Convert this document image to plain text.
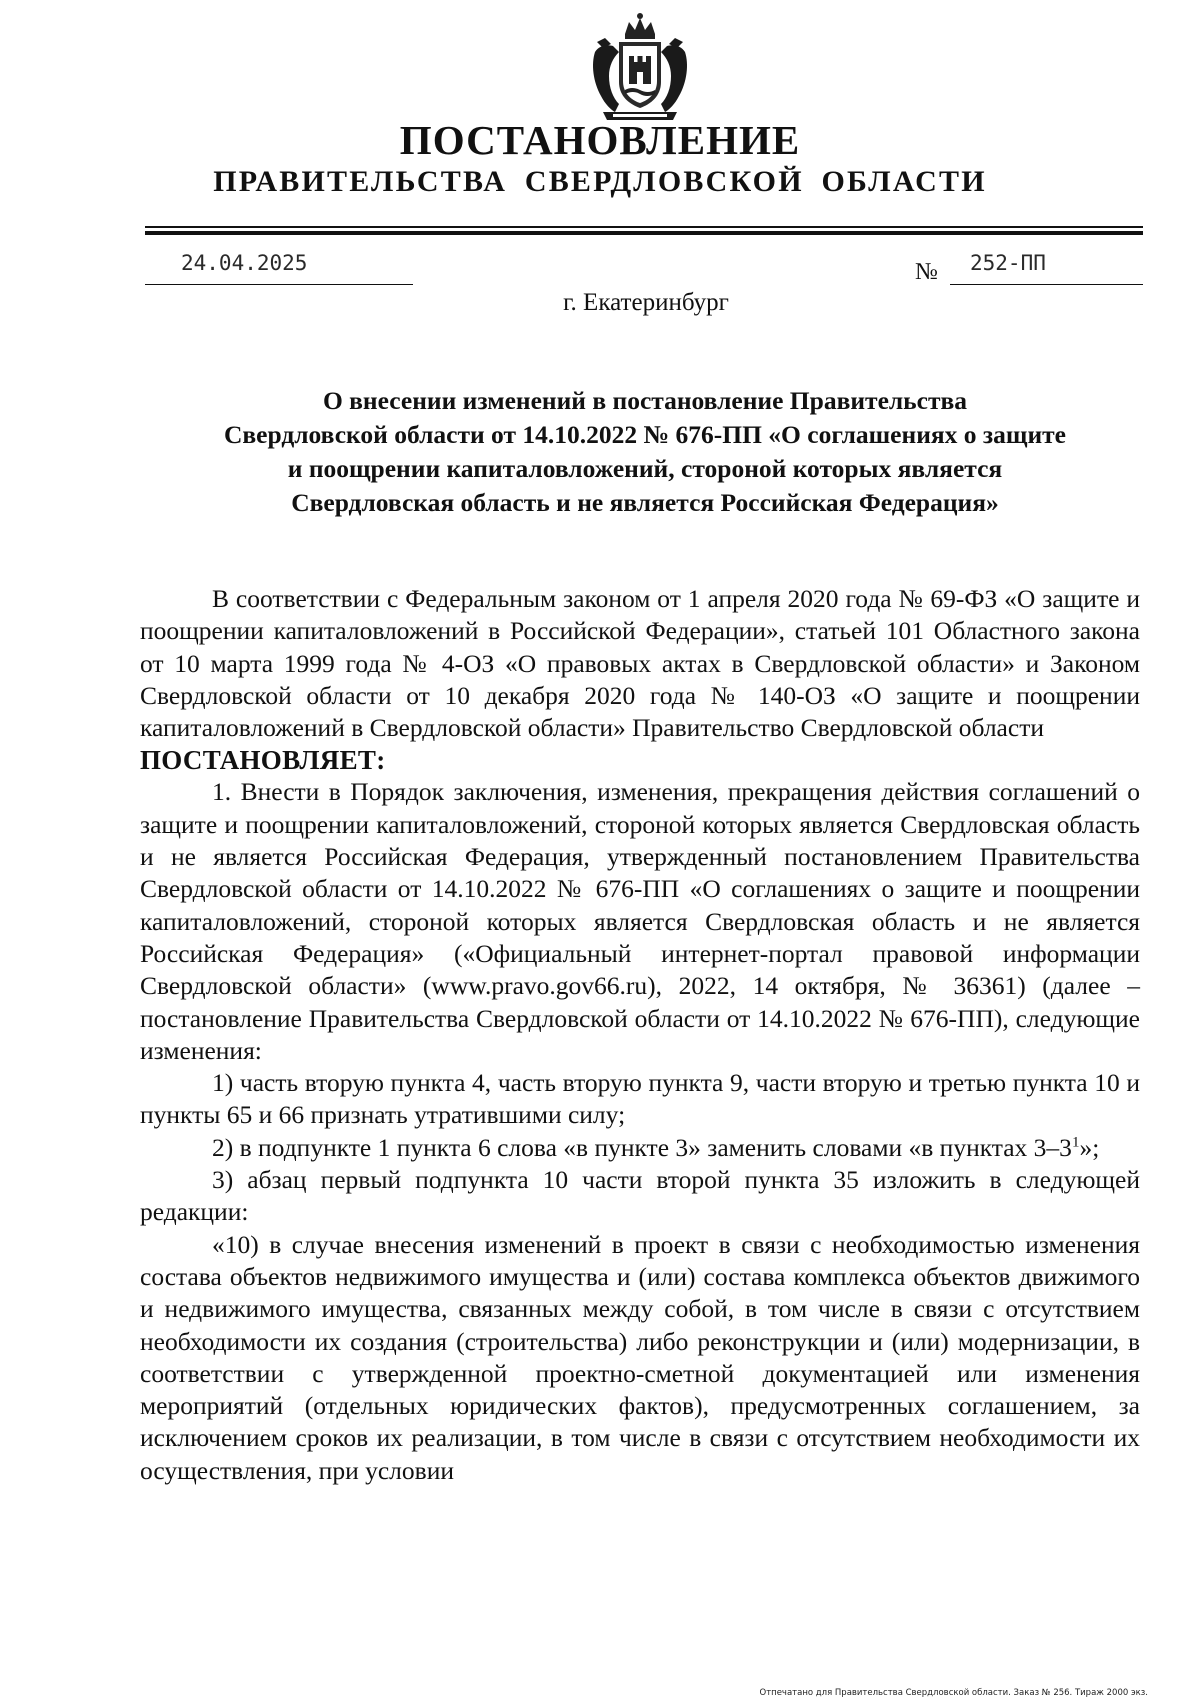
ПОСТАНОВЛЕНИЕ
ПРАВИТЕЛЬСТВА СВЕРДЛОВСКОЙ ОБЛАСТИ
24.04.2025	№ 252-ПП
г. Екатеринбург
О внесении изменений в постановление Правительства
Свердловской области от 14.10.2022 № 676-ПП «О соглашениях о защите
и поощрении капиталовложений, стороной которых является
Свердловская область и не является Российская Федерация»

В соответствии с Федеральным законом от 1 апреля 2020 года № 69-ФЗ «О защите и поощрении капиталовложений в Российской Федерации», статьей 101 Областного закона от 10 марта 1999 года № 4-ОЗ «О правовых актах в Свердловской области» и Законом Свердловской области от 10 декабря 2020 года № 140-ОЗ «О защите и поощрении капиталовложений в Свердловской области» Правительство Свердловской области

ПОСТАНОВЛЯЕТ:

1. Внести в Порядок заключения, изменения, прекращения действия соглашений о защите и поощрении капиталовложений, стороной которых является Свердловская область и не является Российская Федерация, утвержденный постановлением Правительства Свердловской области от 14.10.2022 № 676-ПП «О соглашениях о защите и поощрении капиталовложений, стороной которых является Свердловская область и не является Российская Федерация» («Официальный интернет-портал правовой информации Свердловской области» (www.pravo.gov66.ru), 2022, 14 октября, № 36361) (далее – постановление Правительства Свердловской области от 14.10.2022 № 676-ПП), следующие изменения:

1) часть вторую пункта 4, часть вторую пункта 9, части вторую и третью пункта 10 и пункты 65 и 66 признать утратившими силу;

2) в подпункте 1 пункта 6 слова «в пункте 3» заменить словами «в пунктах $3-3^1$»;

3) абзац первый подпункта 10 части второй пункта 35 изложить в следующей редакции:

«10) в случае внесения изменений в проект в связи с необходимостью изменения состава объектов недвижимого имущества и (или) состава комплекса объектов движимого и недвижимого имущества, связанных между собой, в том числе в связи с отсутствием необходимости их создания (строительства) либо реконструкции и (или) модернизации, в соответствии с утвержденной проектно-сметной документацией или изменения мероприятий (отдельных юридических фактов), предусмотренных соглашением, за исключением сроков их реализации, в том числе в связи с отсутствием необходимости их осуществления, при условии

Отпечатано для Правительства Свердловской области. Заказ № 256. Тираж 2000 экз.
